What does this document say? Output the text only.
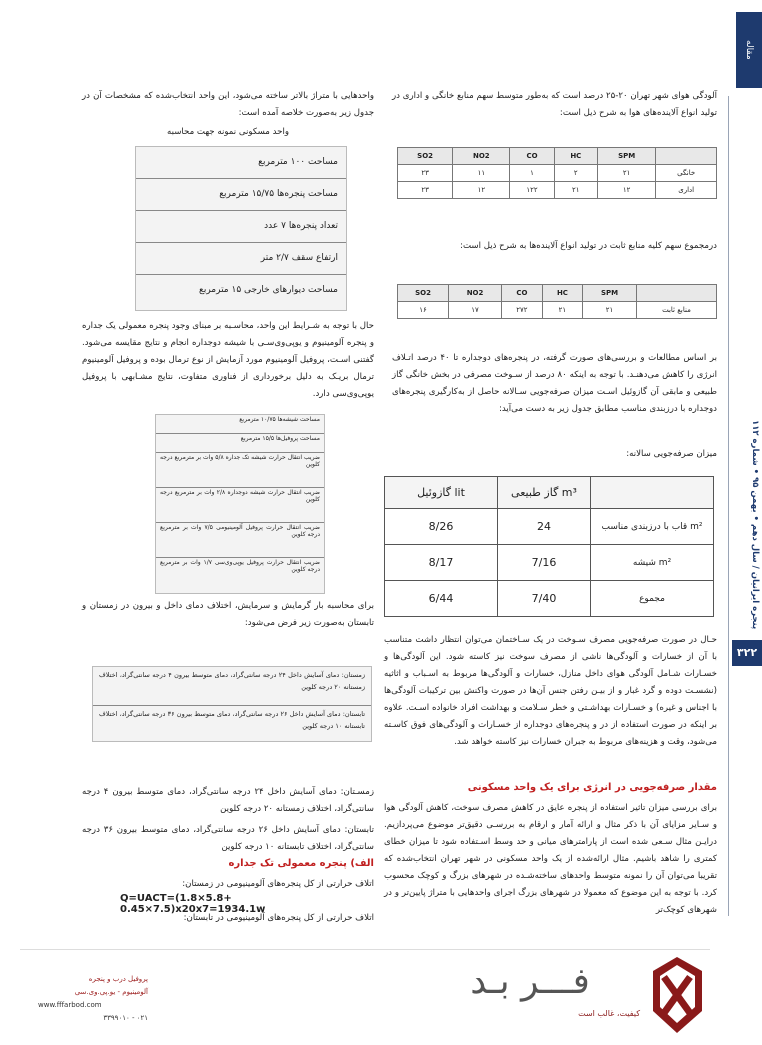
مقاله
پنجره ایرانیان / سال دهم • بهمن ۹۵ • شماره ۱۱۲
۳۲۲
آلودگی هوای شهر تهران ۲۰-۲۵ درصد است که به‌طور متوسط سهم منابع خانگی و اداری در تولید انواع آلاینده‌های هوا به شرح ذیل است:
SO2	NO2	CO	HC	SPM	
۲۳	۱۱	۱	۲	۲۱	خانگی
۲۳	۱۲	۱۲۲	۲۱	۱۲	اداری
درمجموع سهم کلیه منابع ثابت در تولید انواع آلاینده‌ها به شرح ذیل است:
SO2	NO2	CO	HC	SPM	
۱۶	۱۷	۲۷۲	۲۱	۲۱	منابع ثابت
بر اساس مطالعات و بررسی‌های صورت گرفته، در پنجره‌های دوجداره تا ۴۰ درصد اتـلاف انرژی را کاهش می‌دهنـد. با توجه به اینکه ۸۰ درصد از سـوخت مصرفی در بخش خانگی گاز طبیعی و مابقی آن گازوئیل اسـت میزان صرفه‌جویی سـالانه حاصل از به‌کارگیری پنجره‌های دوجداره با درزبندی مناسب مطابق جدول زیر به دست می‌آید:
میزان صرفه‌جویی سالانه:
گازوئیل lit	گاز طبیعی m³	
8/26	24	قاب با درزبندی مناسب m²
8/17	7/16	شیشه m²
6/44	7/40	مجموع
حـال در صورت صرفه‌جویی مصرف سـوخت در یک سـاختمان می‌توان انتظار داشت متناسب با آن از خسارات و آلودگی‌ها ناشی از مصرف سوخت نیز کاسته شود. این آلودگی‌ها و خسـارات شـامل آلودگی هوای داخل منازل، خسارات و آلودگی‌ها مربوط به اسـباب و اثاثیه (نشسـت دوده و گرد غبار و از بیـن رفتن جنس آن‌ها در صورت واکنش بین ترکیبات آلودگی‌ها با اجناس و غیره) و خسـارات بهداشـتی و خطر سـلامت و بهداشت افراد خانواده اسـت. علاوه بر اینکه در صورت استفاده از در و پنجره‌های دوجداره از خسـارات و آلودگی‌های فوق کاسـته می‌شود، وقت و هزینه‌های مربوط به جبران خسارات نیز کاسته خواهد شد.
مقدار صرفه‌جویی در انرژی برای یک واحد مسکونی
برای بررسی میزان تاثیر استفاده از پنجره عایق در کاهش مصرف سوخت، کاهش آلودگی هوا و سـایر مزایای آن با ذکر مثال و ارائه آمار و ارقام به بررسـی دقیق‌تر موضوع می‌پردازیم. درایـن مثال سـعی شده است از پارامترهای میانی و حد وسط اسـتفاده شود تا میزان خطای کمتری را شاهد باشیم. مثال ارائه‌شده از یک واحد مسکونی در شهر تهران انتخاب‌شده که تقریبا می‌توان آن را نمونه متوسط واحدهای ساخته‌شـده در شهرهای بزرگ و کوچک محسوب کرد. با توجه به این موضوع که معمولا در شهرهای بزرگ اجرای واحدهایی با متراژ پایین‌تر و در شهرهای کوچک‌تر
واحدهایی با متراژ بالاتر ساخته می‌شود، این واحد انتخاب‌شده که مشخصات آن در جدول زیر به‌صورت خلاصه آمده است:
واحد مسکونی نمونه جهت محاسبه
مساحت ۱۰۰ مترمربع
مساحت پنجره‌ها ۱۵/۷۵ مترمربع
تعداد پنجره‌ها ۷ عدد
ارتفاع سقف ۲/۷ متر
مساحت دیوارهای خارجی ۱۵ مترمربع
حال با توجه به شـرایط این واحد، محاسـبه بر مبنای وجود پنجره معمولی یک جداره و پنجره آلومینیوم و یوپی‌وی‌سـی با شیشه دوجداره انجام و نتایج مقایسه می‌شود. گفتنی اسـت، پروفیل آلومینیوم مورد آزمایش از نوع ترمال بوده و پروفیل آلومینیوم ترمال بریـک به دلیل برخورداری از فناوری متفاوت، نتایج مشـابهی با پروفیل یوپی‌وی‌سی دارد.
مساحت شیشه‌ها ۱۰/۷۵ مترمربع
مساحت پروفیل‌ها ۱۵/۵ مترمربع
ضریب انتقال حرارت شیشه تک جداره ۵/۸ وات بر مترمربع درجه کلوین
ضریب انتقال حرارت شیشه دوجداره ۲/۸ وات بر مترمربع درجه کلوین
ضریب انتقال حرارت پروفیل آلومینیومی ۷/۵ وات بر مترمربع درجه کلوین
ضریب انتقال حرارت پروفیل یوپی‌وی‌سی ۱/۷ وات بر مترمربع درجه کلوین
برای محاسبه بار گرمایش و سرمایش، اختلاف دمای داخل و بیرون در زمستان و تابستان به‌صورت زیر فرض می‌شود:
زمستان: دمای آسایش داخل ۲۴ درجه سانتی‌گراد، دمای متوسط بیرون ۴ درجه سانتی‌گراد، اختلاف زمستانه ۲۰ درجه کلوین
تابستان: دمای آسایش داخل ۲۶ درجه سانتی‌گراد، دمای متوسط بیرون ۳۶ درجه سانتی‌گراد، اختلاف تابستانه ۱۰ درجه کلوین
زمسـتان: دمای آسایش داخل ۲۴ درجه سانتی‌گراد، دمای متوسط بیرون ۴ درجه سانتی‌گراد، اختلاف زمستانه ۲۰ درجه کلوین
تابستان: دمای آسایش داخل ۲۶ درجه سانتی‌گراد، دمای متوسط بیرون ۳۶ درجه سانتی‌گراد، اختلاف تابستانه ۱۰ درجه کلوین
الف) پنجره معمولی تک جداره
اتلاف حرارتی از کل پنجره‌های آلومینیومی در زمستان:
Q=UACT=(1.8×5.8+ 0.45×7.5)x20x7=1934.1w
اتلاف حرارتی از کل پنجره‌های آلومینیومی در تابستان:
پروفیل درب و پنجره
آلومینیوم - یو.پی.وی.سی
www.fffarbod.com
۰۲۱ - ۳۳۹۹۰۱۰
فـــر بـد
کیفیت، غالب است
